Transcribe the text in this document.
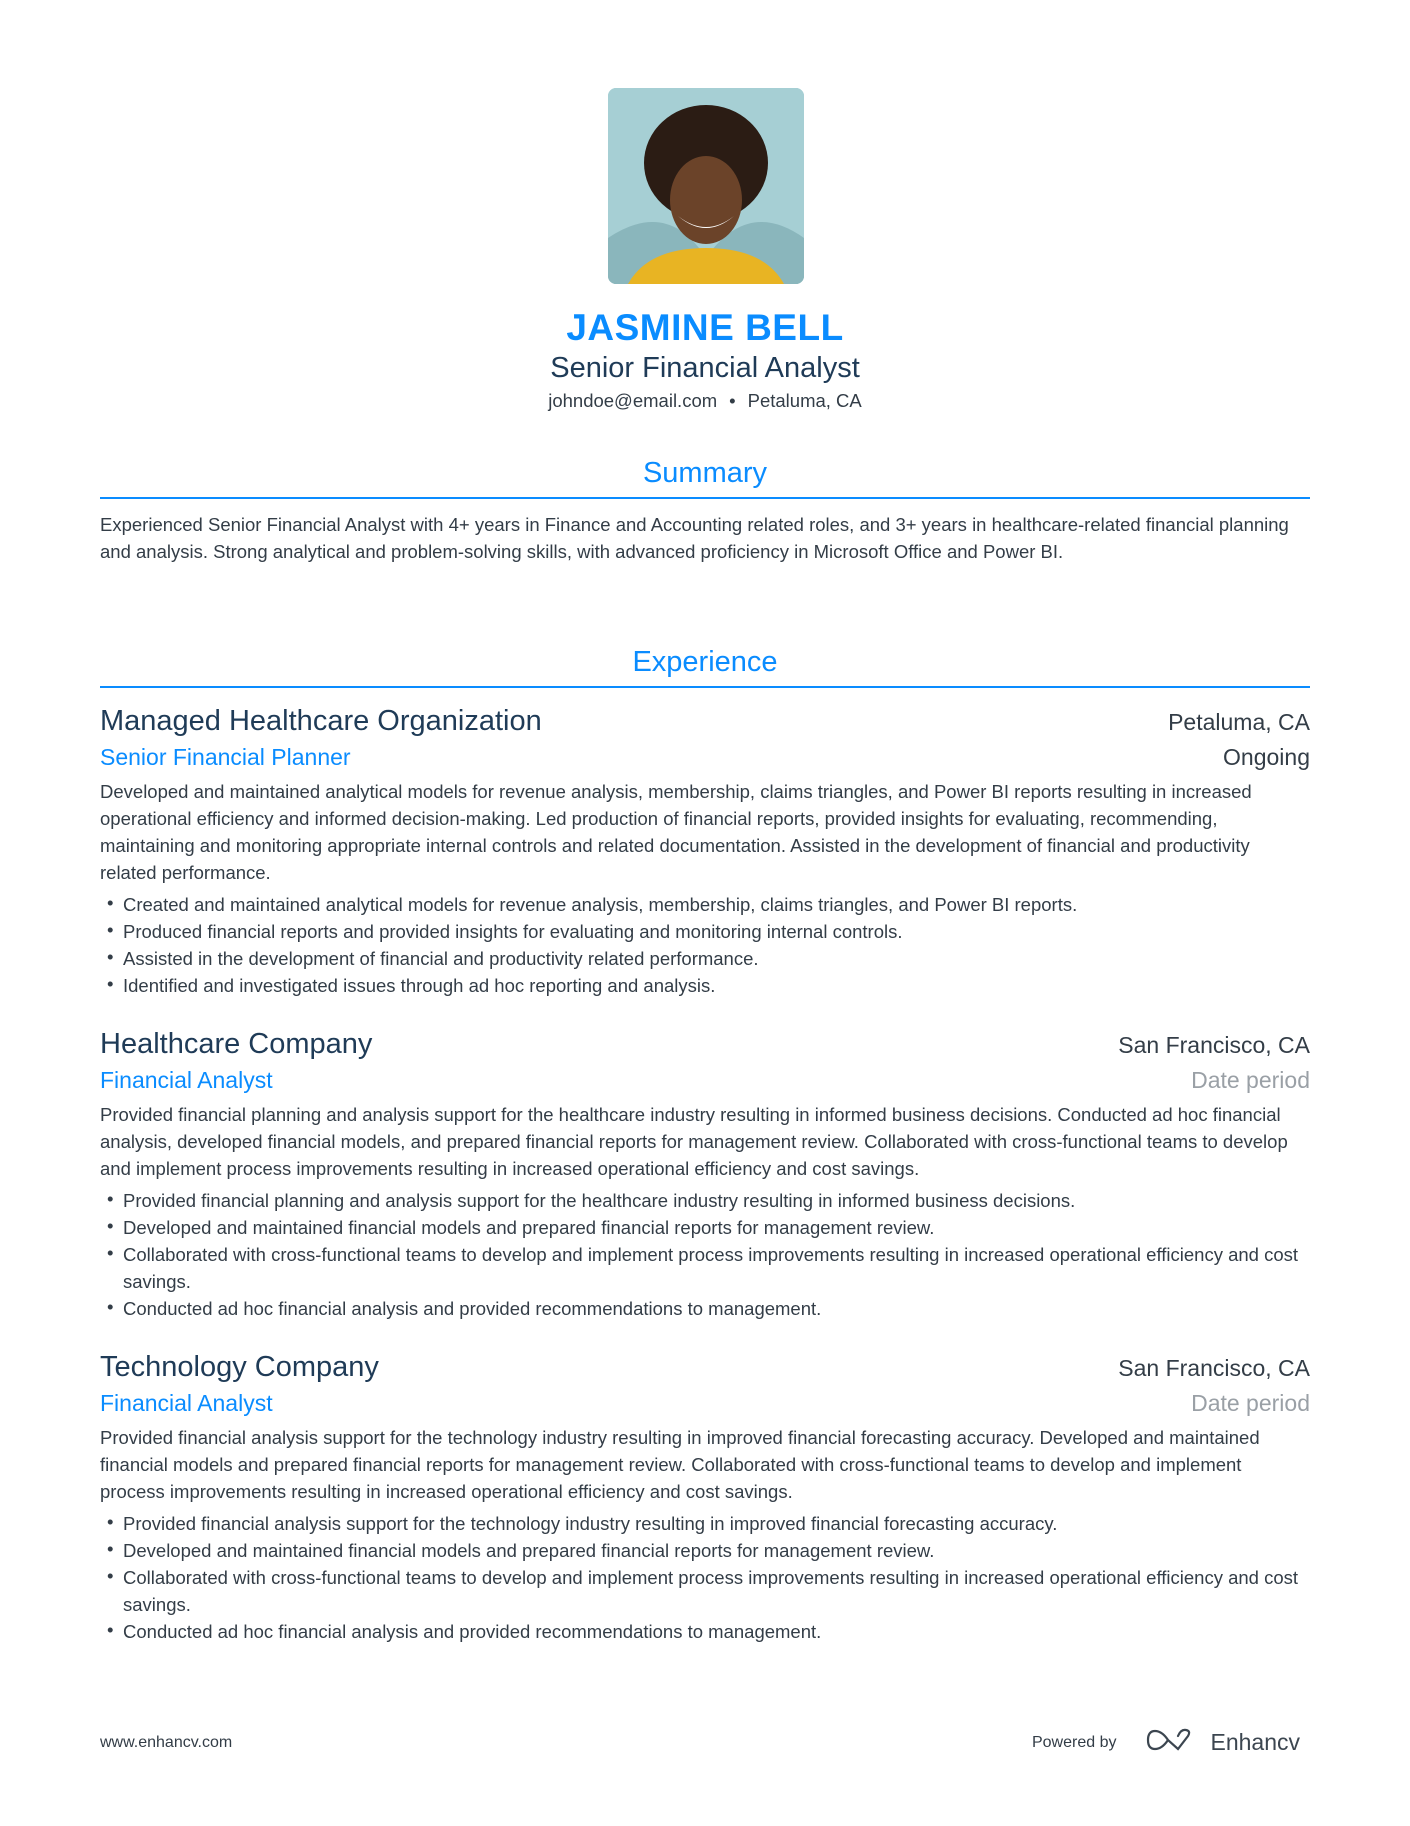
JASMINE BELL
Senior Financial Analyst
johndoe@email.com • Petaluma, CA
Summary

Experienced Senior Financial Analyst with 4+ years in Finance and Accounting related roles, and 3+ years in healthcare-related financial planning and analysis. Strong analytical and problem-solving skills, with advanced proficiency in Microsoft Office and Power BI.

Experience
Managed Healthcare Organization	Petaluma, CA
Senior Financial Planner	Ongoing

Developed and maintained analytical models for revenue analysis, membership, claims triangles, and Power BI reports resulting in increased operational efficiency and informed decision-making. Led production of financial reports, provided insights for evaluating, recommending, maintaining and monitoring appropriate internal controls and related documentation. Assisted in the development of financial and productivity related performance.

• Created and maintained analytical models for revenue analysis, membership, claims triangles, and Power BI reports.
• Produced financial reports and provided insights for evaluating and monitoring internal controls.
• Assisted in the development of financial and productivity related performance.
• Identified and investigated issues through ad hoc reporting and analysis.
Healthcare Company	San Francisco, CA
Financial Analyst	Date period

Provided financial planning and analysis support for the healthcare industry resulting in informed business decisions. Conducted ad hoc financial analysis, developed financial models, and prepared financial reports for management review. Collaborated with cross-functional teams to develop and implement process improvements resulting in increased operational efficiency and cost savings.

• Provided financial planning and analysis support for the healthcare industry resulting in informed business decisions.
• Developed and maintained financial models and prepared financial reports for management review.
• Collaborated with cross-functional teams to develop and implement process improvements resulting in increased operational efficiency and cost savings.
• Conducted ad hoc financial analysis and provided recommendations to management.
Technology Company	San Francisco, CA
Financial Analyst	Date period

Provided financial analysis support for the technology industry resulting in improved financial forecasting accuracy. Developed and maintained financial models and prepared financial reports for management review. Collaborated with cross-functional teams to develop and implement process improvements resulting in increased operational efficiency and cost savings.

• Provided financial analysis support for the technology industry resulting in improved financial forecasting accuracy.
• Developed and maintained financial models and prepared financial reports for management review.
• Collaborated with cross-functional teams to develop and implement process improvements resulting in increased operational efficiency and cost savings.
• Conducted ad hoc financial analysis and provided recommendations to management.
www.enhancv.com	Powered by	Enhancv
